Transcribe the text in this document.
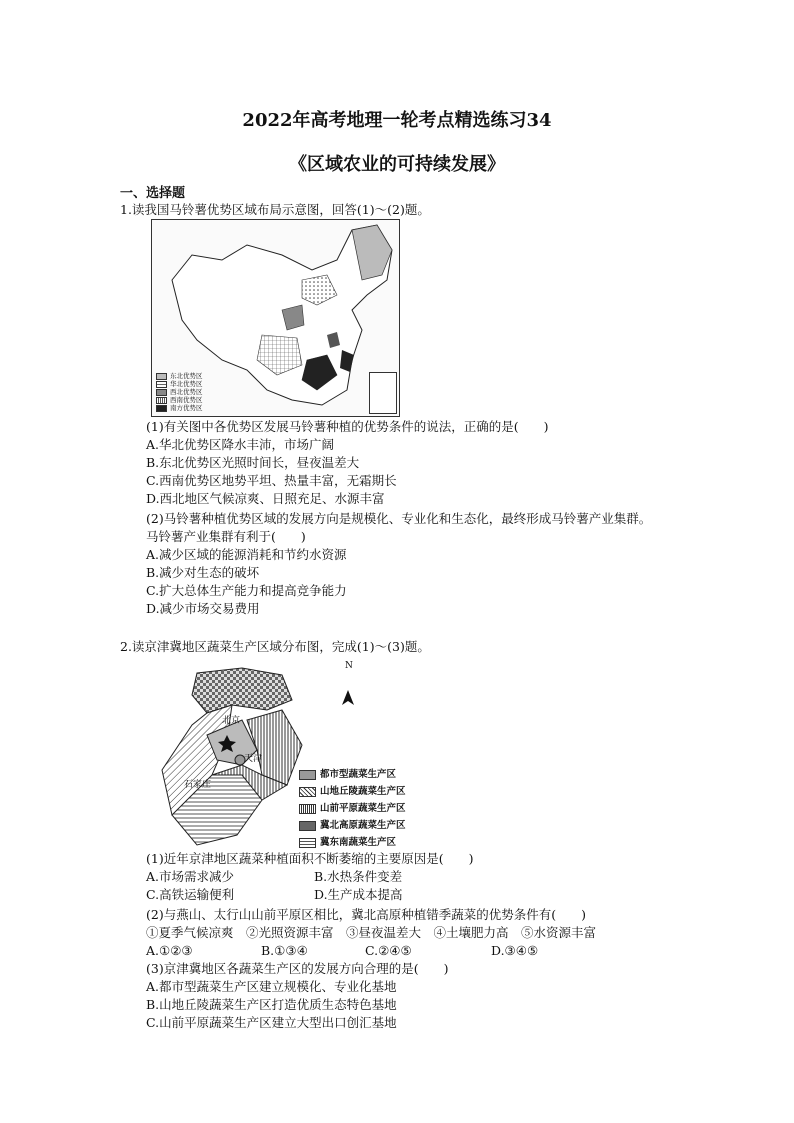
2022年高考地理一轮考点精选练习34
《区域农业的可持续发展》
一、选择题
1.读我国马铃薯优势区域布局示意图，回答(1)～(2)题。
东北优势区
华北优势区
西北优势区
西南优势区
南方优势区
(1)有关图中各优势区发展马铃薯种植的优势条件的说法，正确的是(　　)
A.华北优势区降水丰沛，市场广阔
B.东北优势区光照时间长，昼夜温差大
C.西南优势区地势平坦、热量丰富，无霜期长
D.西北地区气候凉爽、日照充足、水源丰富
(2)马铃薯种植优势区域的发展方向是规模化、专业化和生态化，最终形成马铃薯产业集群。
马铃薯产业集群有利于(　　)
A.减少区域的能源消耗和节约水资源
B.减少对生态的破坏
C.扩大总体生产能力和提高竞争能力
D.减少市场交易费用
2.读京津冀地区蔬菜生产区域分布图，完成(1)～(3)题。
N
北京
天津
石家庄
都市型蔬菜生产区
山地丘陵蔬菜生产区
山前平原蔬菜生产区
冀北高原蔬菜生产区
冀东南蔬菜生产区
(1)近年京津地区蔬菜种植面积不断萎缩的主要原因是(　　)
A.市场需求减少	B.水热条件变差
C.高铁运输便利	D.生产成本提高
(2)与燕山、太行山山前平原区相比，冀北高原种植错季蔬菜的优势条件有(　　)
①夏季气候凉爽　②光照资源丰富　③昼夜温差大　④土壤肥力高　⑤水资源丰富
A.①②③	B.①③④	C.②④⑤	D.③④⑤
(3)京津冀地区各蔬菜生产区的发展方向合理的是(　　)
A.都市型蔬菜生产区建立规模化、专业化基地
B.山地丘陵蔬菜生产区打造优质生态特色基地
C.山前平原蔬菜生产区建立大型出口创汇基地
